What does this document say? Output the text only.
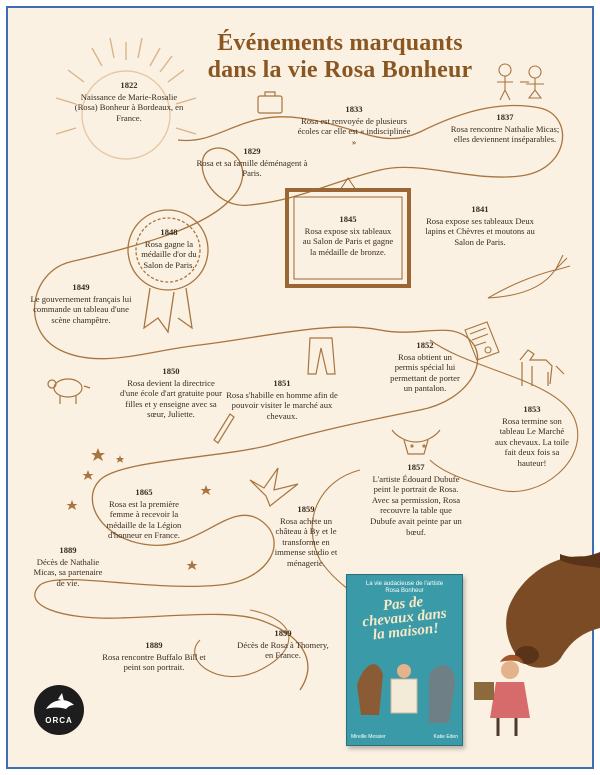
Événements marquants
dans la vie Rosa Bonheur
1822
Naissance de Marie-Rosalie (Rosa) Bonheur à Bordeaux, en France.
1833
Rosa est renvoyée de plusieurs écoles car elle est « indisciplinée »
1837
Rosa rencontre Nathalie Micas; elles deviennent inséparables.
1829
Rosa et sa famille déménagent à Paris.
1848
Rosa gagne la médaille d'or du Salon de Paris.
1845
Rosa expose six tableaux au Salon de Paris et gagne la médaille de bronze.
1841
Rosa expose ses tableaux Deux lapins et Chèvres et moutons au Salon de Paris.
1849
Le gouvernement français lui commande un tableau d'une scène champêtre.
1852
Rosa obtient un permis spécial lui permettant de porter un pantalon.
1850
Rosa devient la directrice d'une école d'art gratuite pour filles et y enseigne avec sa sœur, Juliette.
1851
Rosa s'habille en homme afin de pouvoir visiter le marché aux chevaux.
1853
Rosa termine son tableau Le Marché aux chevaux. La toile fait deux fois sa hauteur!
1857
L'artiste Édouard Dubufe peint le portrait de Rosa. Avec sa permission, Rosa recouvre la table que Dubufe avait peinte par un bœuf.
1865
Rosa est la première femme à recevoir la médaille de la Légion d'honneur en France.
1859
Rosa achète un château à By et le transforme en immense studio et ménagerie.
1889
Décès de Nathalie Micas, sa partenaire de vie.
1889
Rosa rencontre Buffalo Bill et peint son portrait.
1899
Décès de Rosa à Thomery, en France.
La vie audacieuse de l'artiste
Rosa Bonheur
Pas de chevaux dans la maison!
Mireille Messier	Katie Eden
ORCA
